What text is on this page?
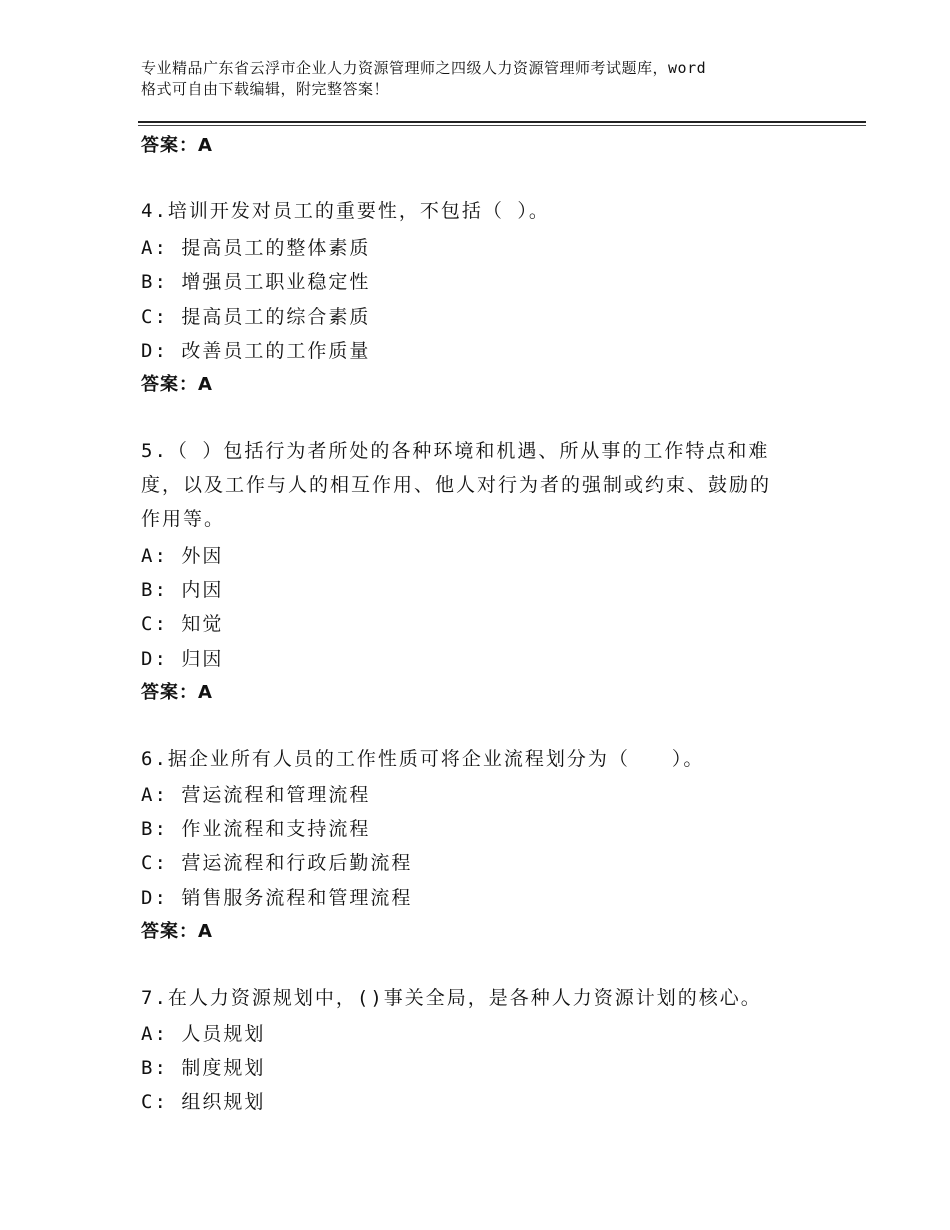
专业精品广东省云浮市企业人力资源管理师之四级人力资源管理师考试题库，word
格式可自由下载编辑，附完整答案！
答案：A
4.培训开发对员工的重要性，不包括（ ）。
A: 提高员工的整体素质
B: 增强员工职业稳定性
C: 提高员工的综合素质
D: 改善员工的工作质量
答案：A
5.（ ）包括行为者所处的各种环境和机遇、所从事的工作特点和难
度，以及工作与人的相互作用、他人对行为者的强制或约束、鼓励的
作用等。
A: 外因
B: 内因
C: 知觉
D: 归因
答案：A
6.据企业所有人员的工作性质可将企业流程划分为（　　）。
A: 营运流程和管理流程
B: 作业流程和支持流程
C: 营运流程和行政后勤流程
D: 销售服务流程和管理流程
答案：A
7.在人力资源规划中，()事关全局，是各种人力资源计划的核心。
A: 人员规划
B: 制度规划
C: 组织规划
